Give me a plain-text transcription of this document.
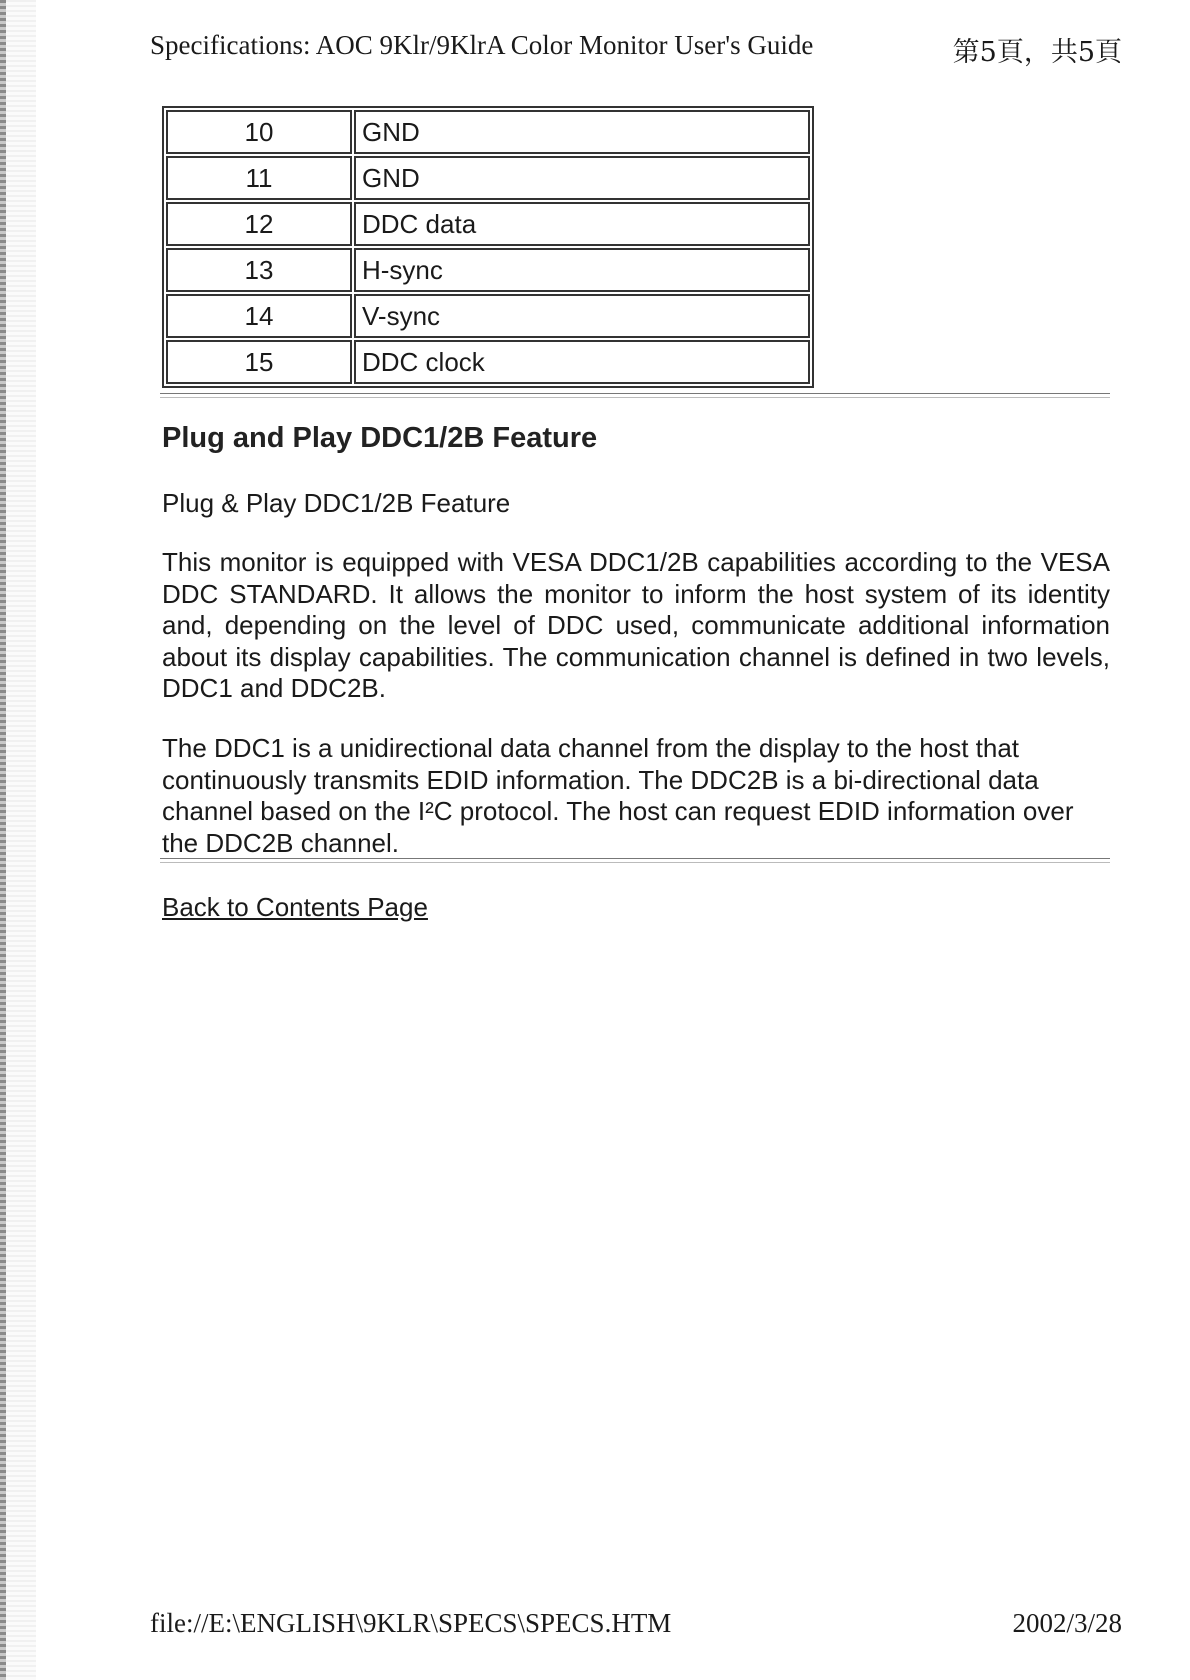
Specifications: AOC 9Klr/9KlrA Color Monitor User's Guide	第5頁，共5頁
10	GND
11	GND
12	DDC data
13	H-sync
14	V-sync
15	DDC clock
Plug and Play DDC1/2B Feature

Plug & Play DDC1/2B Feature

This monitor is equipped with VESA DDC1/2B capabilities according to the VESA DDC STANDARD. It allows the monitor to inform the host system of its identity and, depending on the level of DDC used, communicate additional information about its display capabilities. The communication channel is defined in two levels, DDC1 and DDC2B.

The DDC1 is a unidirectional data channel from the display to the host that continuously transmits EDID information. The DDC2B is a bi-directional data channel based on the I²C protocol. The host can request EDID information over the DDC2B channel.

Back to Contents Page
file://E:\ENGLISH\9KLR\SPECS\SPECS.HTM	2002/3/28
